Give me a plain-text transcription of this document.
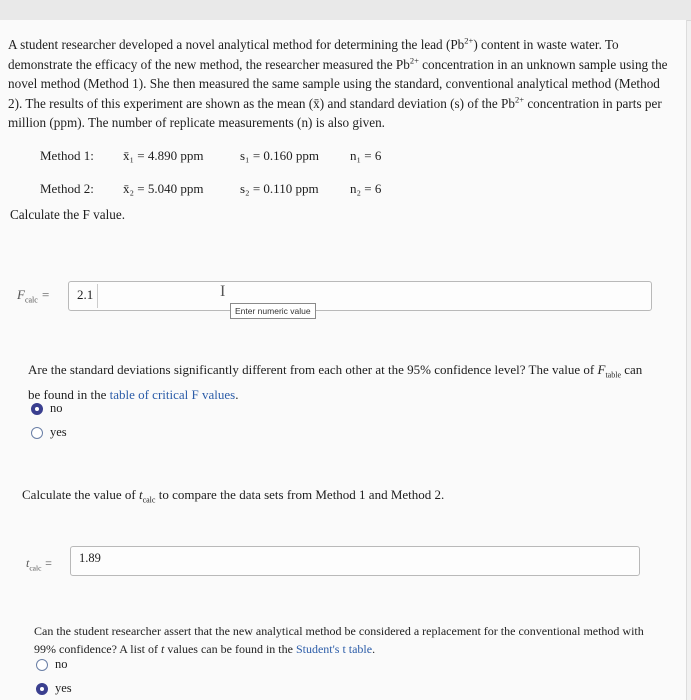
A student researcher developed a novel analytical method for determining the lead $(Pb^{2+})$ content in waste water. To demonstrate the efficacy of the new method, the researcher measured the $Pb^{2+}$ concentration in an unknown sample using the novel method (Method 1). She then measured the same sample using the standard, conventional analytical method (Method 2). The results of this experiment are shown as the mean (x̄) and standard deviation (s) of the $Pb^{2+}$ concentration in parts per million (ppm). The number of replicate measurements (n) is also given.
Method 1: x̄₁ = 4.890 ppm	s₁ = 0.160 ppm n₁ = 6
Method 2: x̄₂ = 5.040 ppm	s₂ = 0.110 ppm n₂ = 6
Calculate the F value.
$F_{calc} = 2.1$	I
Enter numeric value
Are the standard deviations significantly different from each other at the 95% confidence level? The value of $F_{table}$ can be found in the table of critical F values.
no
yes
Calculate the value of $t_{calc}$ to compare the data sets from Method 1 and Method 2.
$t_{calc} = 1.89$
Can the student researcher assert that the new analytical method be considered a replacement for the conventional method with 99% confidence? A list of t values can be found in the Student's t table.
no
yes
